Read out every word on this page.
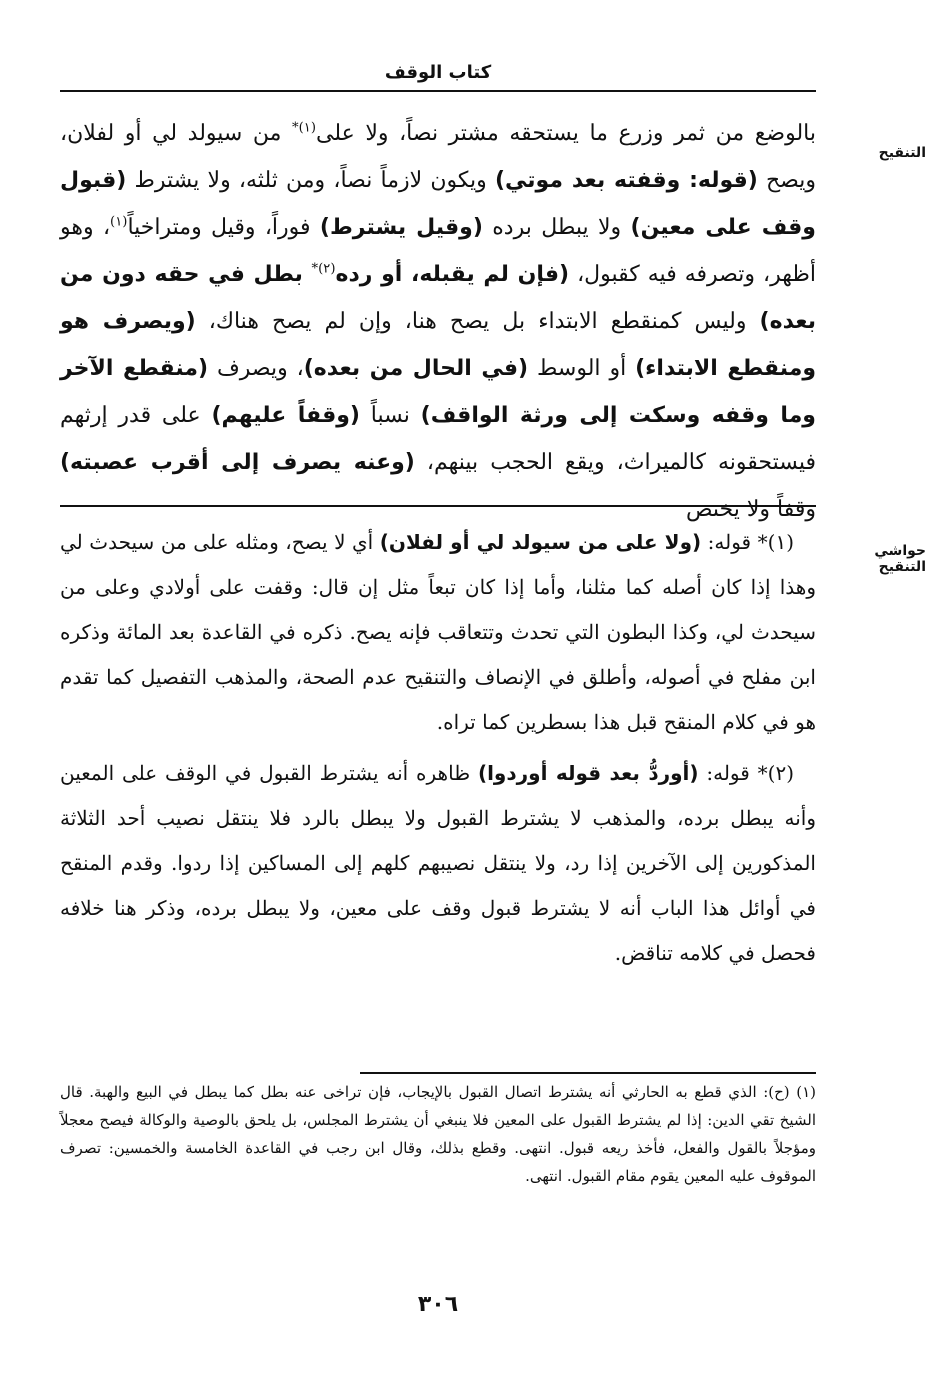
كتاب الوقف
التنقيح
بالوضع من ثمر وزرع ما يستحقه مشتر نصاً، ولا على$^{(١)*}$ من سيولد لي أو لفلان، ويصح (قوله: وقفته بعد موتي) ويكون لازماً نصاً، ومن ثلثه، ولا يشترط (قبول وقف على معين) ولا يبطل برده (وقيل يشترط) فوراً، وقيل ومتراخياً$^{(١)}$، وهو أظهر، وتصرفه فيه كقبول، (فإن لم يقبله، أو رده$^{(٢)*}$ بطل في حقه دون من بعده) وليس كمنقطع الابتداء بل يصح هنا، وإن لم يصح هناك، (ويصرف هو ومنقطع الابتداء) أو الوسط (في الحال من بعده)، ويصرف (منقطع الآخر وما وقفه وسكت إلى ورثة الواقف) نسباً (وقفاً عليهم) على قدر إرثهم فيستحقونه كالميراث، ويقع الحجب بينهم، (وعنه يصرف إلى أقرب عصبته) وقفاً ولا يختص
حواشي التنقيح

(١)* قوله: (ولا على من سيولد لي أو لفلان) أي لا يصح، ومثله على من سيحدث لي وهذا إذا كان أصله كما مثلنا، وأما إذا كان تبعاً مثل إن قال: وقفت على أولادي وعلى من سيحدث لي، وكذا البطون التي تحدث وتتعاقب فإنه يصح. ذكره في القاعدة بعد المائة وذكره ابن مفلح في أصوله، وأطلق في الإنصاف والتنقيح عدم الصحة، والمذهب التفصيل كما تقدم هو في كلام المنقح قبل هذا بسطرين كما تراه.

(٢)* قوله: (أوردُّ بعد قوله أوردوا) ظاهره أنه يشترط القبول في الوقف على المعين وأنه يبطل برده، والمذهب لا يشترط القبول ولا يبطل بالرد فلا ينتقل نصيب أحد الثلاثة المذكورين إلى الآخرين إذا رد، ولا ينتقل نصيبهم كلهم إلى المساكين إذا ردوا. وقدم المنقح في أوائل هذا الباب أنه لا يشترط قبول وقف على معين، ولا يبطل برده، وذكر هنا خلافه فحصل في كلامه تناقض.

(١) (ح): الذي قطع به الحارثي أنه يشترط اتصال القبول بالإيجاب، فإن تراخى عنه بطل كما يبطل في البيع والهبة. قال الشيخ تقي الدين: إذا لم يشترط القبول على المعين فلا ينبغي أن يشترط المجلس، بل يلحق بالوصية والوكالة فيصح معجلاً ومؤجلاً بالقول والفعل، فأخذ ريعه قبول. انتهى. وقطع بذلك، وقال ابن رجب في القاعدة الخامسة والخمسين: تصرف الموقوف عليه المعين يقوم مقام القبول. انتهى.
٣٠٦
